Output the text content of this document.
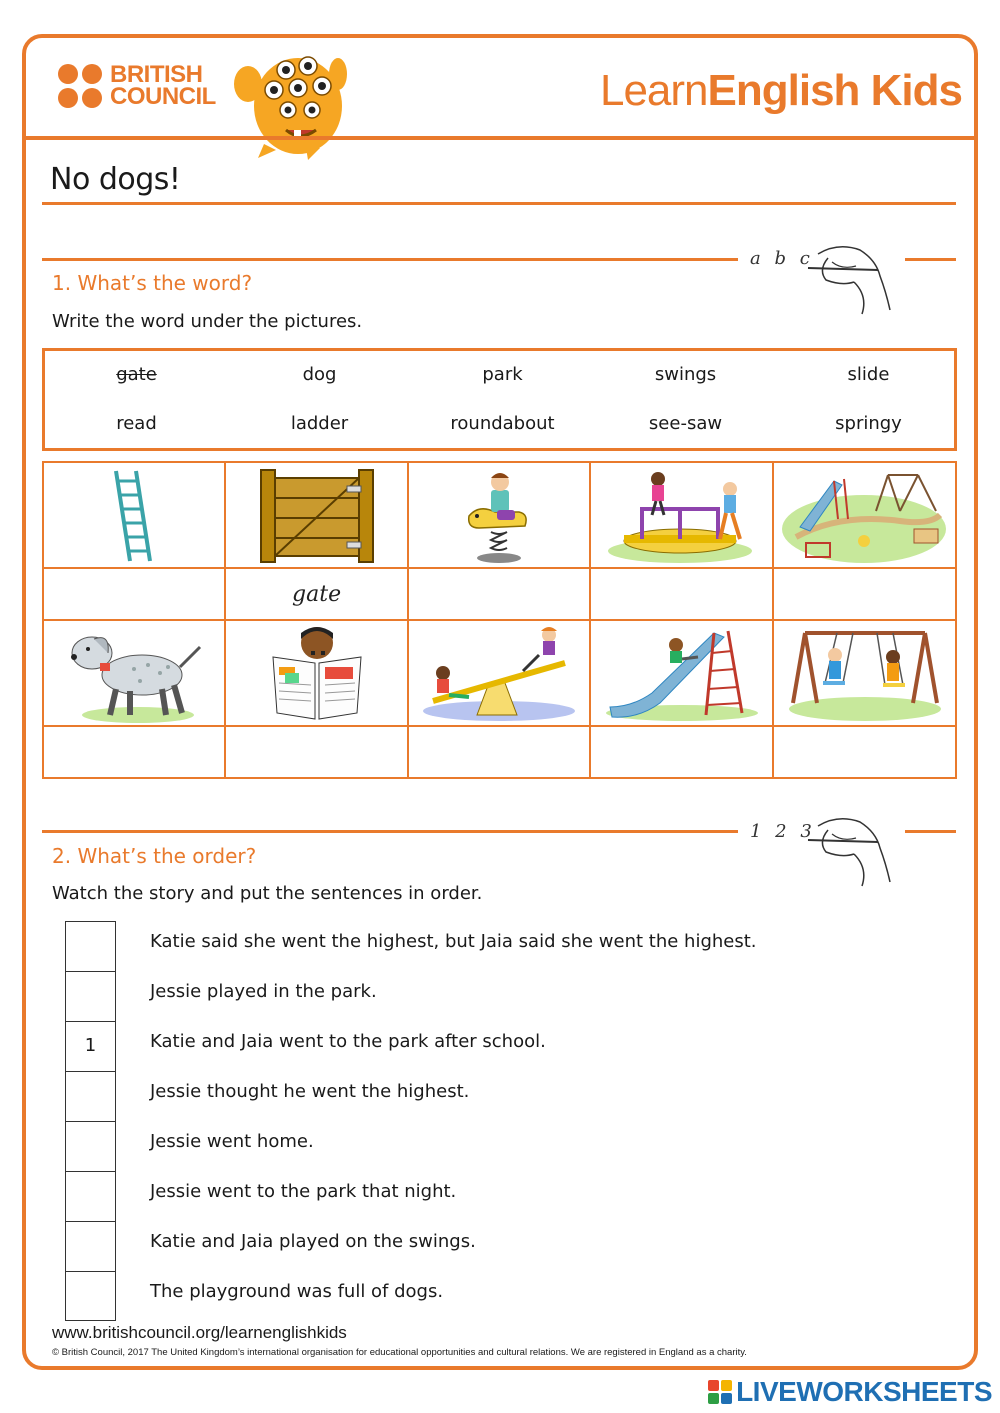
BRITISH
COUNCIL	LearnEnglish Kids
No dogs!
a b c
1. What’s the word?
Write the word under the pictures.
gate	dog	park	swings	slide
read	ladder	roundabout	see-saw	springy

	gate			

1 2 3
2. What’s the order?
Watch the story and put the sentences in order.
Katie said she went the highest, but Jaia said she went the highest.
Jessie played in the park.
1	Katie and Jaia went to the park after school.
Jessie thought he went the highest.
Jessie went home.
Jessie went to the park that night.
Katie and Jaia played on the swings.
The playground was full of dogs.
www.britishcouncil.org/learnenglishkids
© British Council, 2017 The United Kingdom’s international organisation for educational opportunities and cultural relations. We are registered in England as a charity.
LIVEWORKSHEETS
